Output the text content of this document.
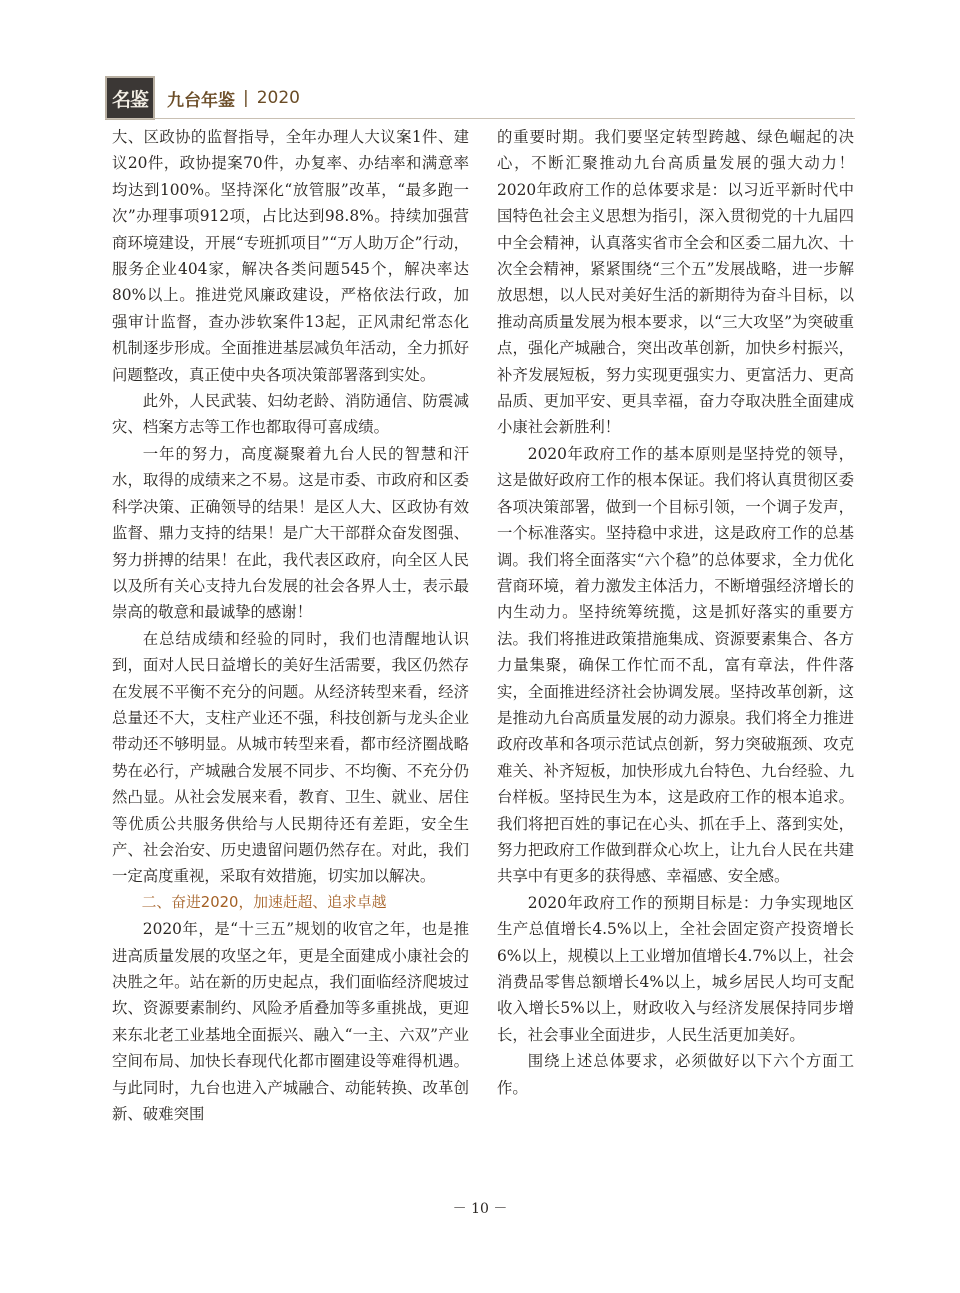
名鉴	九台年鉴 | 2020

大、区政协的监督指导，全年办理人大议案1件、建议20件，政协提案70件，办复率、办结率和满意率均达到100%。坚持深化“放管服”改革，“最多跑一次”办理事项912项，占比达到98.8%。持续加强营商环境建设，开展“专班抓项目”“万人助万企”行动，服务企业404家，解决各类问题545个，解决率达80%以上。推进党风廉政建设，严格依法行政，加强审计监督，查办涉软案件13起，正风肃纪常态化机制逐步形成。全面推进基层减负年活动，全力抓好问题整改，真正使中央各项决策部署落到实处。

此外，人民武装、妇幼老龄、消防通信、防震减灾、档案方志等工作也都取得可喜成绩。

一年的努力，高度凝聚着九台人民的智慧和汗水，取得的成绩来之不易。这是市委、市政府和区委科学决策、正确领导的结果！是区人大、区政协有效监督、鼎力支持的结果！是广大干部群众奋发图强、努力拼搏的结果！在此，我代表区政府，向全区人民以及所有关心支持九台发展的社会各界人士，表示最崇高的敬意和最诚挚的感谢！

在总结成绩和经验的同时，我们也清醒地认识到，面对人民日益增长的美好生活需要，我区仍然存在发展不平衡不充分的问题。从经济转型来看，经济总量还不大，支柱产业还不强，科技创新与龙头企业带动还不够明显。从城市转型来看，都市经济圈战略势在必行，产城融合发展不同步、不均衡、不充分仍然凸显。从社会发展来看，教育、卫生、就业、居住等优质公共服务供给与人民期待还有差距，安全生产、社会治安、历史遗留问题仍然存在。对此，我们一定高度重视，采取有效措施，切实加以解决。

二、奋进2020，加速赶超、追求卓越

2020年，是“十三五”规划的收官之年，也是推进高质量发展的攻坚之年，更是全面建成小康社会的决胜之年。站在新的历史起点，我们面临经济爬坡过坎、资源要素制约、风险矛盾叠加等多重挑战，更迎来东北老工业基地全面振兴、融入“一主、六双”产业空间布局、加快长春现代化都市圈建设等难得机遇。与此同时，九台也进入产城融合、动能转换、改革创新、破难突围

的重要时期。我们要坚定转型跨越、绿色崛起的决心，不断汇聚推动九台高质量发展的强大动力！2020年政府工作的总体要求是：以习近平新时代中国特色社会主义思想为指引，深入贯彻党的十九届四中全会精神，认真落实省市全会和区委二届九次、十次全会精神，紧紧围绕“三个五”发展战略，进一步解放思想，以人民对美好生活的新期待为奋斗目标，以推动高质量发展为根本要求，以“三大攻坚”为突破重点，强化产城融合，突出改革创新，加快乡村振兴，补齐发展短板，努力实现更强实力、更富活力、更高品质、更加平安、更具幸福，奋力夺取决胜全面建成小康社会新胜利！

2020年政府工作的基本原则是坚持党的领导，这是做好政府工作的根本保证。我们将认真贯彻区委各项决策部署，做到一个目标引领，一个调子发声，一个标准落实。坚持稳中求进，这是政府工作的总基调。我们将全面落实“六个稳”的总体要求，全力优化营商环境，着力激发主体活力，不断增强经济增长的内生动力。坚持统筹统揽，这是抓好落实的重要方法。我们将推进政策措施集成、资源要素集合、各方力量集聚，确保工作忙而不乱，富有章法，件件落实，全面推进经济社会协调发展。坚持改革创新，这是推动九台高质量发展的动力源泉。我们将全力推进政府改革和各项示范试点创新，努力突破瓶颈、攻克难关、补齐短板，加快形成九台特色、九台经验、九台样板。坚持民生为本，这是政府工作的根本追求。我们将把百姓的事记在心头、抓在手上、落到实处，努力把政府工作做到群众心坎上，让九台人民在共建共享中有更多的获得感、幸福感、安全感。

2020年政府工作的预期目标是：力争实现地区生产总值增长4.5%以上，全社会固定资产投资增长6%以上，规模以上工业增加值增长4.7%以上，社会消费品零售总额增长4%以上，城乡居民人均可支配收入增长5%以上，财政收入与经济发展保持同步增长，社会事业全面进步，人民生活更加美好。

围绕上述总体要求，必须做好以下六个方面工作。

－ 10 －
